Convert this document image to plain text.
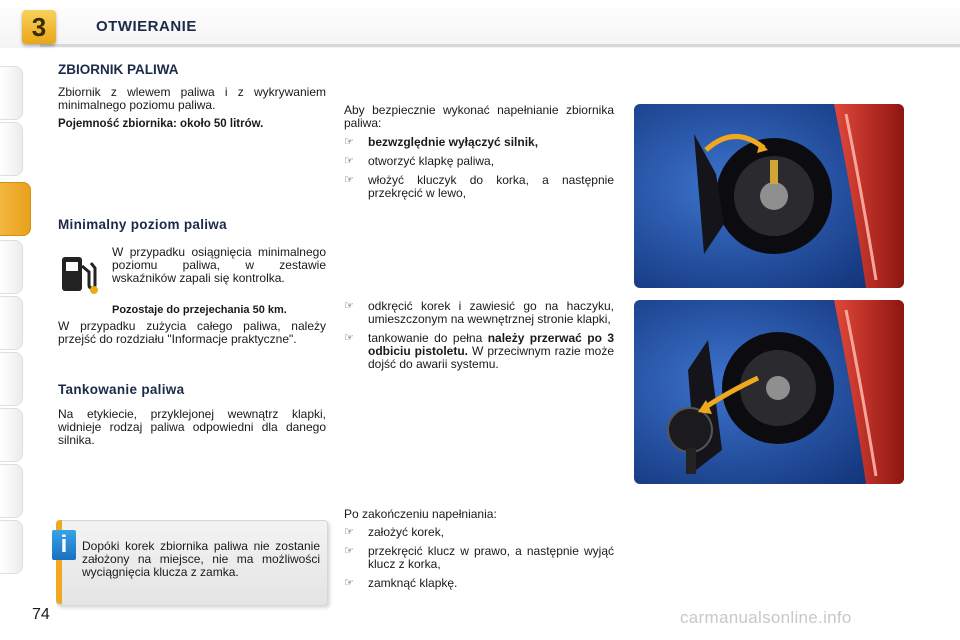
3	OTWIERANIE
ZBIORNIK PALIWA
Zbiornik z wlewem paliwa i z wykrywaniem minimalnego poziomu paliwa.
Pojemność zbiornika: około 50 litrów.
Minimalny poziom paliwa
W przypadku osiągnięcia minimalnego poziomu paliwa, w zestawie wskaźników zapali się kontrolka.
Pozostaje do przejechania 50 km.
W przypadku zużycia całego paliwa, należy przejść do rozdziału "Informacje praktyczne".
Tankowanie paliwa
Na etykiecie, przyklejonej wewnątrz klapki, widnieje rodzaj paliwa odpowiedni dla danego silnika.
i	Dopóki korek zbiornika paliwa nie zostanie założony na miejsce, nie ma możliwości wyciągnięcia klucza z zamka.
Aby bezpiecznie wykonać napełnianie zbiornika paliwa:
☞ bezwzględnie wyłączyć silnik,
☞ otworzyć klapkę paliwa,
☞ włożyć kluczyk do korka, a następnie przekręcić w lewo,
☞ odkręcić korek i zawiesić go na haczyku, umieszczonym na wewnętrznej stronie klapki,
☞ tankowanie do pełna należy przerwać po 3 odbiciu pistoletu. W przeciwnym razie może dojść do awarii systemu.
Po zakończeniu napełniania:
☞ założyć korek,
☞ przekręcić klucz w prawo, a następnie wyjąć klucz z korka,
☞ zamknąć klapkę.
74	carmanualsonline.info
